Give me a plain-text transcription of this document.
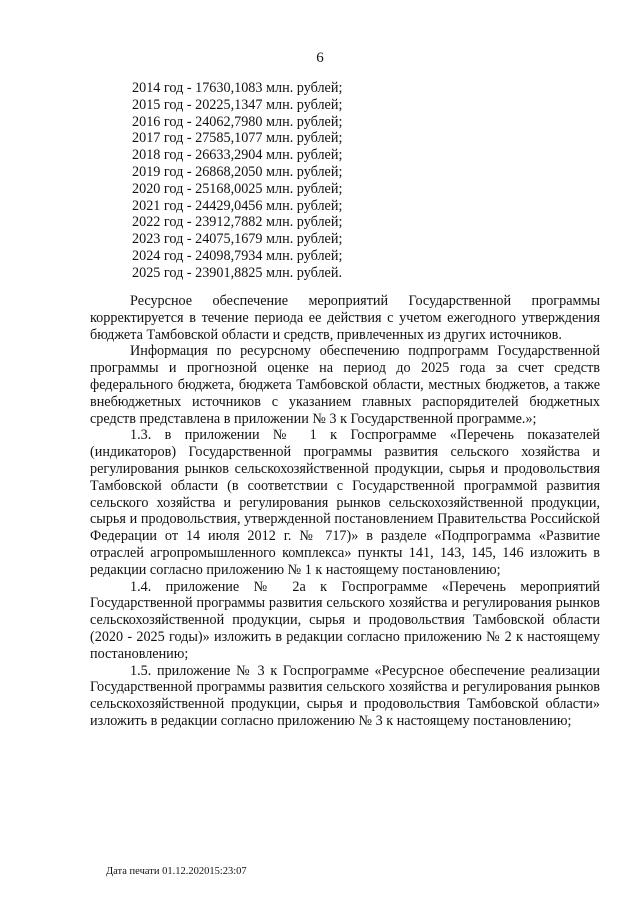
6
2014 год - 17630,1083 млн. рублей;
2015 год - 20225,1347 млн. рублей;
2016 год - 24062,7980 млн. рублей;
2017 год - 27585,1077 млн. рублей;
2018 год - 26633,2904 млн. рублей;
2019 год - 26868,2050 млн. рублей;
2020 год - 25168,0025 млн. рублей;
2021 год - 24429,0456 млн. рублей;
2022 год - 23912,7882 млн. рублей;
2023 год - 24075,1679 млн. рублей;
2024 год - 24098,7934 млн. рублей;
2025 год - 23901,8825 млн. рублей.

Ресурсное обеспечение мероприятий Государственной программы корректируется в течение периода ее действия с учетом ежегодного утверждения бюджета Тамбовской области и средств, привлеченных из других источников.

Информация по ресурсному обеспечению подпрограмм Государственной программы и прогнозной оценке на период до 2025 года за счет средств федерального бюджета, бюджета Тамбовской области, местных бюджетов, а также внебюджетных источников с указанием главных распорядителей бюджетных средств представлена в приложении № 3 к Государственной программе.»;

1.3. в приложении № 1 к Госпрограмме «Перечень показателей (индикаторов) Государственной программы развития сельского хозяйства и регулирования рынков сельскохозяйственной продукции, сырья и продовольствия Тамбовской области (в соответствии с Государственной программой развития сельского хозяйства и регулирования рынков сельскохозяйственной продукции, сырья и продовольствия, утвержденной постановлением Правительства Российской Федерации от 14 июля 2012 г. № 717)» в разделе «Подпрограмма «Развитие отраслей агропромышленного комплекса» пункты 141, 143, 145, 146 изложить в редакции согласно приложению № 1 к настоящему постановлению;

1.4. приложение № 2а к Госпрограмме «Перечень мероприятий Государственной программы развития сельского хозяйства и регулирования рынков сельскохозяйственной продукции, сырья и продовольствия Тамбовской области (2020 - 2025 годы)» изложить в редакции согласно приложению № 2 к настоящему постановлению;

1.5. приложение № 3 к Госпрограмме «Ресурсное обеспечение реализации Государственной программы развития сельского хозяйства и регулирования рынков сельскохозяйственной продукции, сырья и продовольствия Тамбовской области» изложить в редакции согласно приложению № 3 к настоящему постановлению;

Дата печати 01.12.202015:23:07
